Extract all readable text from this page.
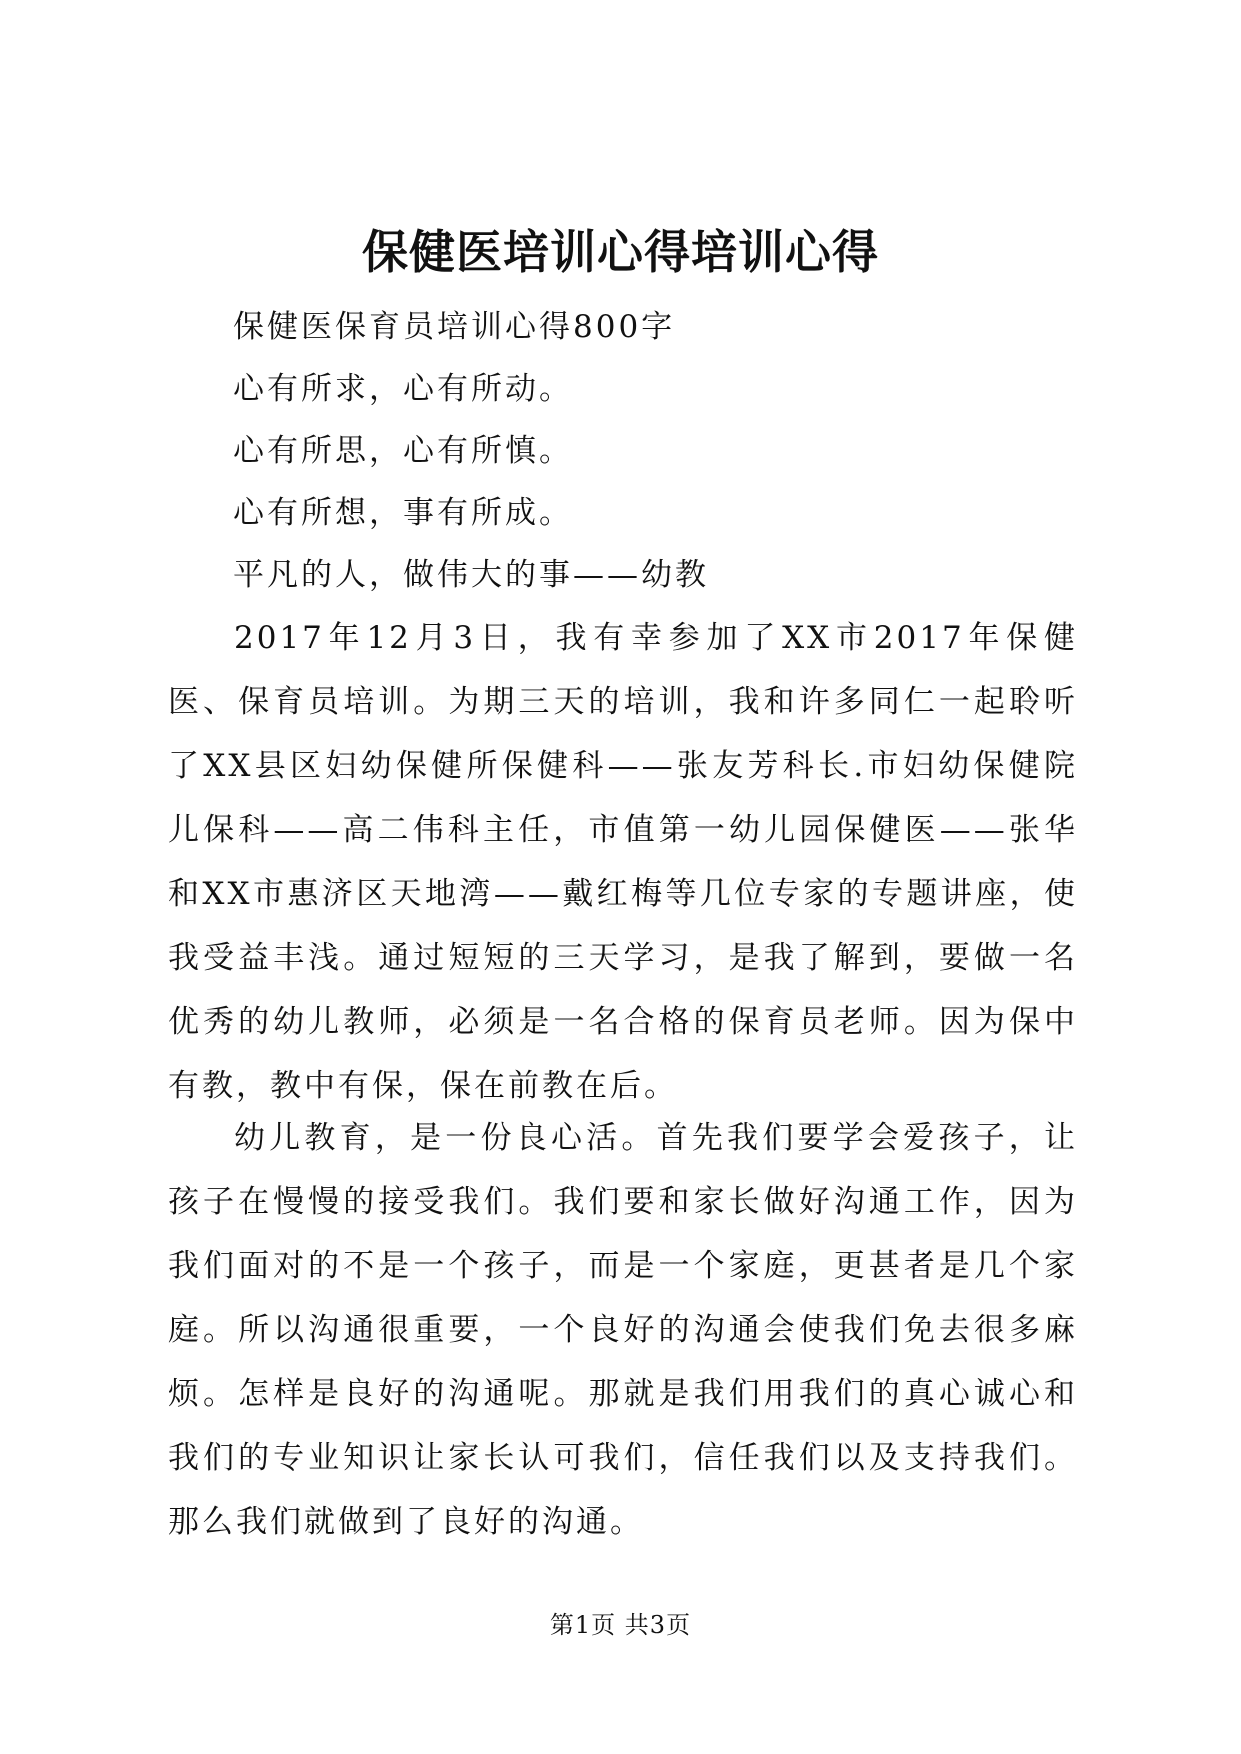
保健医培训心得培训心得
保健医保育员培训心得800字
心有所求，心有所动。
心有所思，心有所慎。
心有所想，事有所成。
平凡的人，做伟大的事——幼教
2017年12月3日，我有幸参加了XX市2017年保健医、保育员培训。为期三天的培训，我和许多同仁一起聆听了XX县区妇幼保健所保健科——张友芳科长.市妇幼保健院儿保科——高二伟科主任，市值第一幼儿园保健医——张华和XX市惠济区天地湾——戴红梅等几位专家的专题讲座，使我受益丰浅。通过短短的三天学习，是我了解到，要做一名优秀的幼儿教师，必须是一名合格的保育员老师。因为保中有教，教中有保，保在前教在后。
幼儿教育，是一份良心活。首先我们要学会爱孩子，让孩子在慢慢的接受我们。我们要和家长做好沟通工作，因为我们面对的不是一个孩子，而是一个家庭，更甚者是几个家庭。所以沟通很重要，一个良好的沟通会使我们免去很多麻烦。怎样是良好的沟通呢。那就是我们用我们的真心诚心和我们的专业知识让家长认可我们，信任我们以及支持我们。那么我们就做到了良好的沟通。
第1页 共3页
